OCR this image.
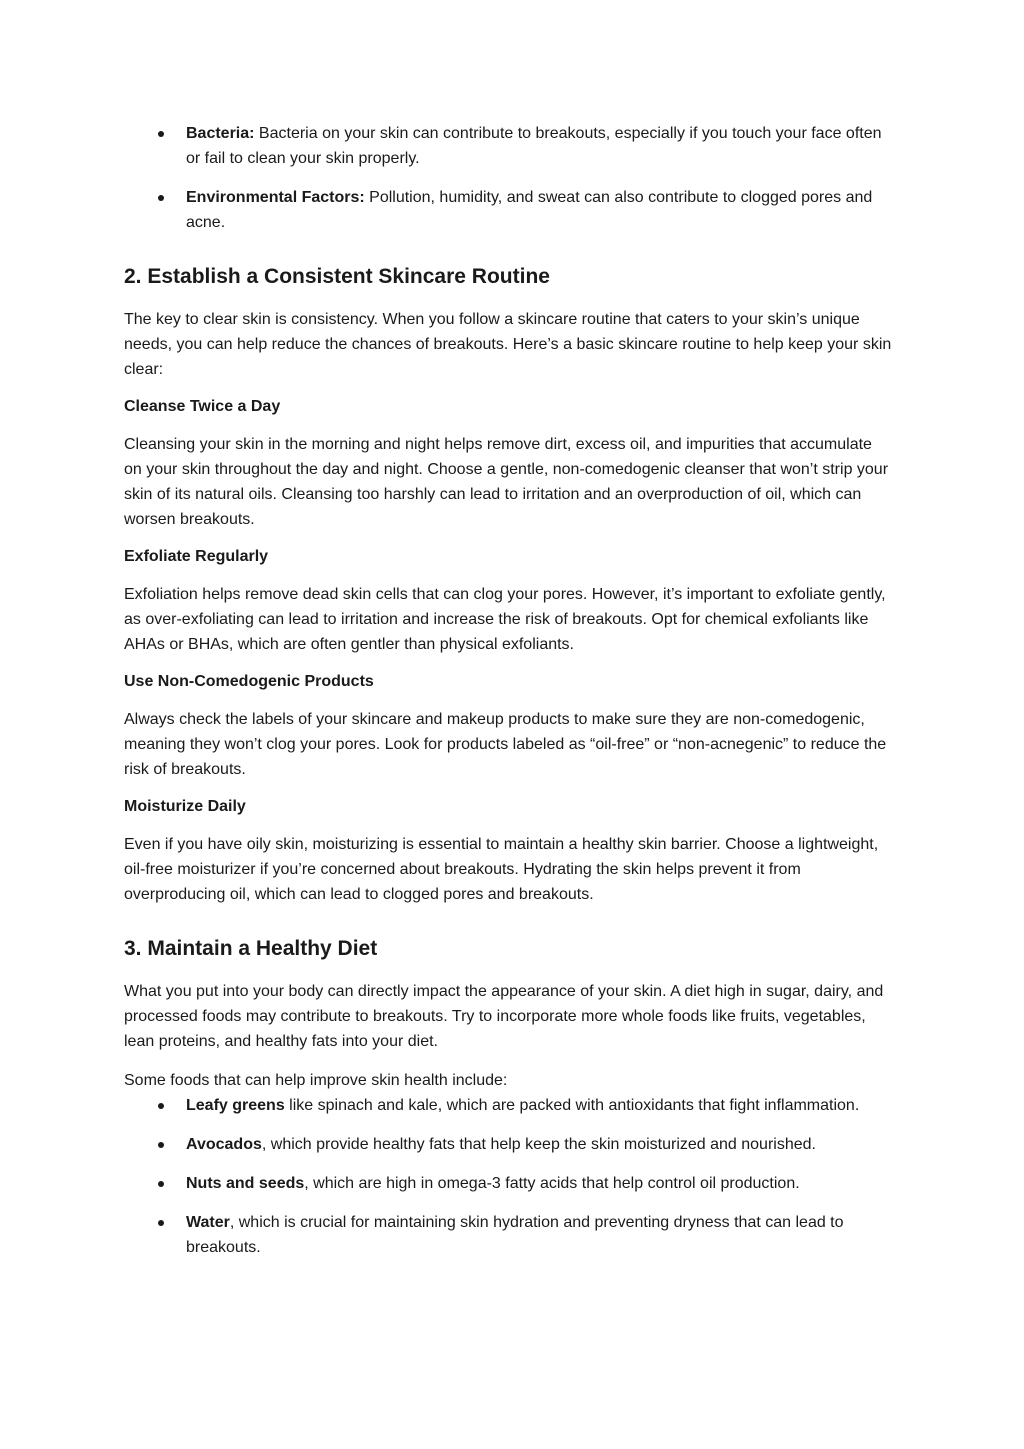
Bacteria: Bacteria on your skin can contribute to breakouts, especially if you touch your face often or fail to clean your skin properly.
Environmental Factors: Pollution, humidity, and sweat can also contribute to clogged pores and acne.
2. Establish a Consistent Skincare Routine

The key to clear skin is consistency. When you follow a skincare routine that caters to your skin’s unique needs, you can help reduce the chances of breakouts. Here’s a basic skincare routine to help keep your skin clear:

Cleanse Twice a Day

Cleansing your skin in the morning and night helps remove dirt, excess oil, and impurities that accumulate on your skin throughout the day and night. Choose a gentle, non-comedogenic cleanser that won’t strip your skin of its natural oils. Cleansing too harshly can lead to irritation and an overproduction of oil, which can worsen breakouts.

Exfoliate Regularly

Exfoliation helps remove dead skin cells that can clog your pores. However, it’s important to exfoliate gently, as over-exfoliating can lead to irritation and increase the risk of breakouts. Opt for chemical exfoliants like AHAs or BHAs, which are often gentler than physical exfoliants.

Use Non-Comedogenic Products

Always check the labels of your skincare and makeup products to make sure they are non-comedogenic, meaning they won’t clog your pores. Look for products labeled as “oil-free” or “non-acnegenic” to reduce the risk of breakouts.

Moisturize Daily

Even if you have oily skin, moisturizing is essential to maintain a healthy skin barrier. Choose a lightweight, oil-free moisturizer if you’re concerned about breakouts. Hydrating the skin helps prevent it from overproducing oil, which can lead to clogged pores and breakouts.

3. Maintain a Healthy Diet

What you put into your body can directly impact the appearance of your skin. A diet high in sugar, dairy, and processed foods may contribute to breakouts. Try to incorporate more whole foods like fruits, vegetables, lean proteins, and healthy fats into your diet.

Some foods that can help improve skin health include:

Leafy greens like spinach and kale, which are packed with antioxidants that fight inflammation.
Avocados, which provide healthy fats that help keep the skin moisturized and nourished.
Nuts and seeds, which are high in omega-3 fatty acids that help control oil production.
Water, which is crucial for maintaining skin hydration and preventing dryness that can lead to breakouts.
